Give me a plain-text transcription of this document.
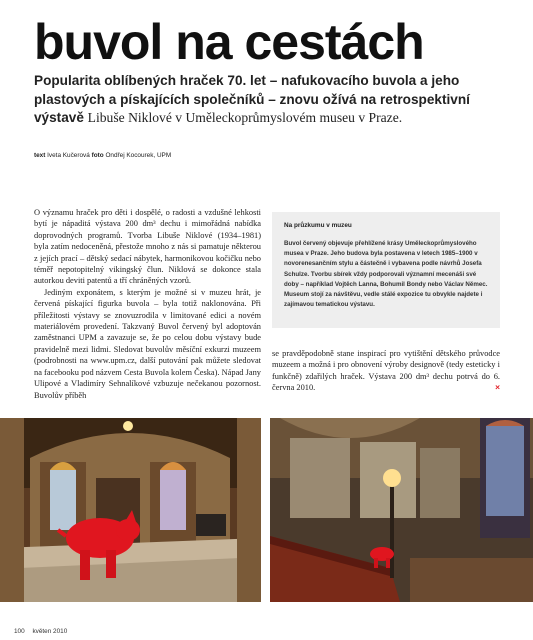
buvol na cestách
Popularita oblíbených hraček 70. let – nafukovacího buvola a jeho plastových a pískajících společníků – znovu ožívá na retrospektivní výstavě Libuše Niklové v Uměleckoprůmyslovém museu v Praze.
text Iveta Kučerová foto Ondřej Kocourek, UPM

O významu hraček pro děti i dospělé, o radosti a vzdušné lehkosti bytí je nápaditá výstava 200 dm³ dechu i mimořádná nabídka doprovodných programů. Tvorba Libuše Niklové (1934–1981) byla zatím nedoceněná, přestože mnoho z nás si pamatuje některou z jejích prací – dětský sedací nábytek, harmonikovou kočičku nebo téměř nepotopitelný vikingský člun. Niklová se dokonce stala autorkou deviti patentů a tří chráněných vzorů.

Jediným exponátem, s kterým je možné si v muzeu hrát, je červená pískající figurka buvola – byla totiž naklonována. Při příležitosti výstavy se znovuzrodila v limitované edici a novém materiálovém provedení. Takzvaný Buvol červený byl adoptován zaměstnanci UPM a zavazuje se, že po celou dobu výstavy bude pravidelně mezi lidmi. Sledovat buvolův měsíční exkurzi muzeem (podrobnosti na www.upm.cz, další putování pak můžete sledovat na facebooku pod názvem Cesta Buvola kolem Česka). Nápad Jany Ulipové a Vladimíry Sehnalíkové vzbuzuje nečekanou pozornost. Buvolův příběh

Na průzkumu v muzeu
Buvol červený objevuje přehlížené krásy Uměleckoprůmyslového musea v Praze. Jeho budova byla postavena v letech 1985–1900 v novorenesančním stylu a částečně i vybavena podle návrhů Josefa Schulze. Tvorbu sbírek vždy podporovali významní mecenáši své doby – například Vojtěch Lanna, Bohumil Bondy nebo Václav Němec. Museum stojí za návštěvu, vedle stálé expozice tu obvykle najdete i zajímavou tematickou výstavu.
se pravděpodobně stane inspirací pro vytištění dětského průvodce muzeem a možná i pro obnovení výroby designově (tedy esteticky i funkčně) zdařilých hraček. Výstava 200 dm³ dechu potrvá do 6. června 2010.	×
100 květen 2010
